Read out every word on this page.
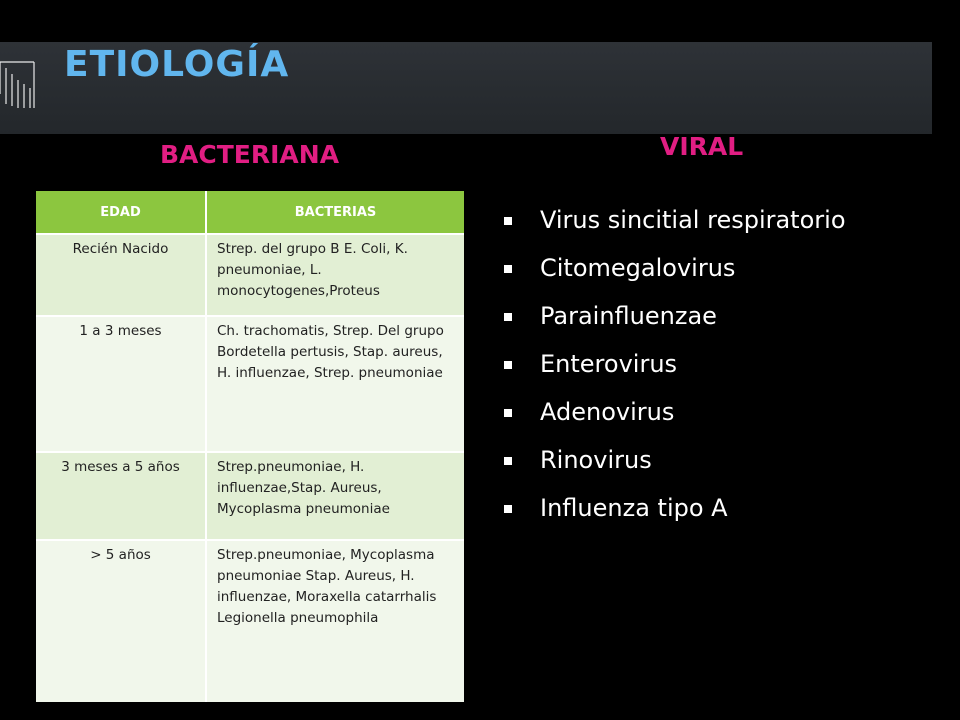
ETIOLOGÍA
BACTERIANA	VIRAL
EDAD	BACTERIAS
Recién Nacido	Strep. del grupo B E. Coli, K. pneumoniae, L. monocytogenes,Proteus
1 a 3 meses	Ch. trachomatis, Strep. Del grupo Bordetella pertusis, Stap. aureus, H. influenzae, Strep. pneumoniae
3 meses a 5 años	Strep.pneumoniae, H. influenzae,Stap. Aureus, Mycoplasma pneumoniae
> 5 años	Strep.pneumoniae, Mycoplasma pneumoniae Stap. Aureus, H. influenzae, Moraxella catarrhalis Legionella pneumophila
Virus sincitial respiratorio
Citomegalovirus
Parainfluenzae
Enterovirus
Adenovirus
Rinovirus
Influenza tipo A
